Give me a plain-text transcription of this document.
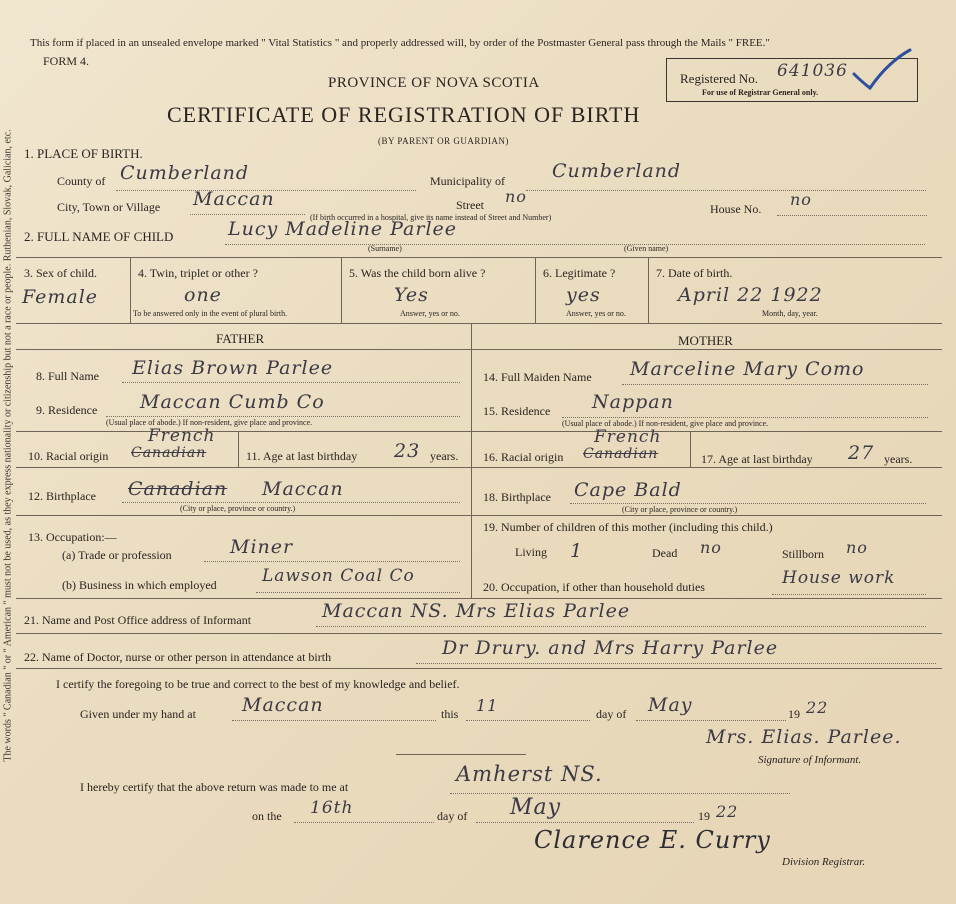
The words " Canadian " or " American " must not be used, as they express nationality or citizenship but not a race or people. Ruthenian, Slovak, Galician, etc.
This form if placed in an unsealed envelope marked " Vital Statistics " and properly addressed will, by order of the Postmaster General pass through the Mails " FREE."
FORM 4.
PROVINCE OF NOVA SCOTIA
CERTIFICATE OF REGISTRATION OF BIRTH
(BY PARENT OR GUARDIAN)
Registered No. 641036
For use of Registrar General only.
1. PLACE OF BIRTH.
County of Cumberland	Municipality of Cumberland
City, Town or Village Maccan	Street no
House No. no
(If birth occurred in a hospital, give its name instead of Street and Number)
2. FULL NAME OF CHILD	Lucy Madeline Parlee
(Surname)	(Given name)
3. Sex of child.
Female
4. Twin, triplet or other ?
one
To be answered only in the event of plural birth.
5. Was the child born alive ?
Yes
Answer, yes or no.
6. Legitimate ?
yes
Answer, yes or no.
7. Date of birth.
April 22 1922
Month, day, year.
FATHER	MOTHER
8. Full Name Elias Brown Parlee	14. Full Maiden Name Marceline Mary Como
9. Residence Maccan Cumb Co
(Usual place of abode.) If non-resident, give place and province.
15. Residence Nappan
(Usual place of abode.) If non-resident, give place and province.
10. Racial origin Canadian
French
11. Age at last birthday 23 years. 16. Racial origin Canadian
French
17. Age at last birthday 27 years.
12. Birthplace Canadian Maccan
(City or place, province or country.)
18. Birthplace Cape Bald
(City or place, province or country.)
13. Occupation:—
(a) Trade or profession	Miner
(b) Business in which employed	Lawson Coal Co
19. Number of children of this mother (including this child.)
Living 1	Dead no	Stillborn no
20. Occupation, if other than household duties	House work
21. Name and Post Office address of Informant	Maccan NS. Mrs Elias Parlee
22. Name of Doctor, nurse or other person in attendance at birth	Dr Drury. and Mrs Harry Parlee
I certify the foregoing to be true and correct to the best of my knowledge and belief.
Given under my hand at Maccan	this 11	day of May	19 22
Mrs. Elias. Parlee.
Signature of Informant.
I hereby certify that the above return was made to me at
Amherst NS.
on the 16th	day of May	19 22
Clarence E. Curry
Division Registrar.
